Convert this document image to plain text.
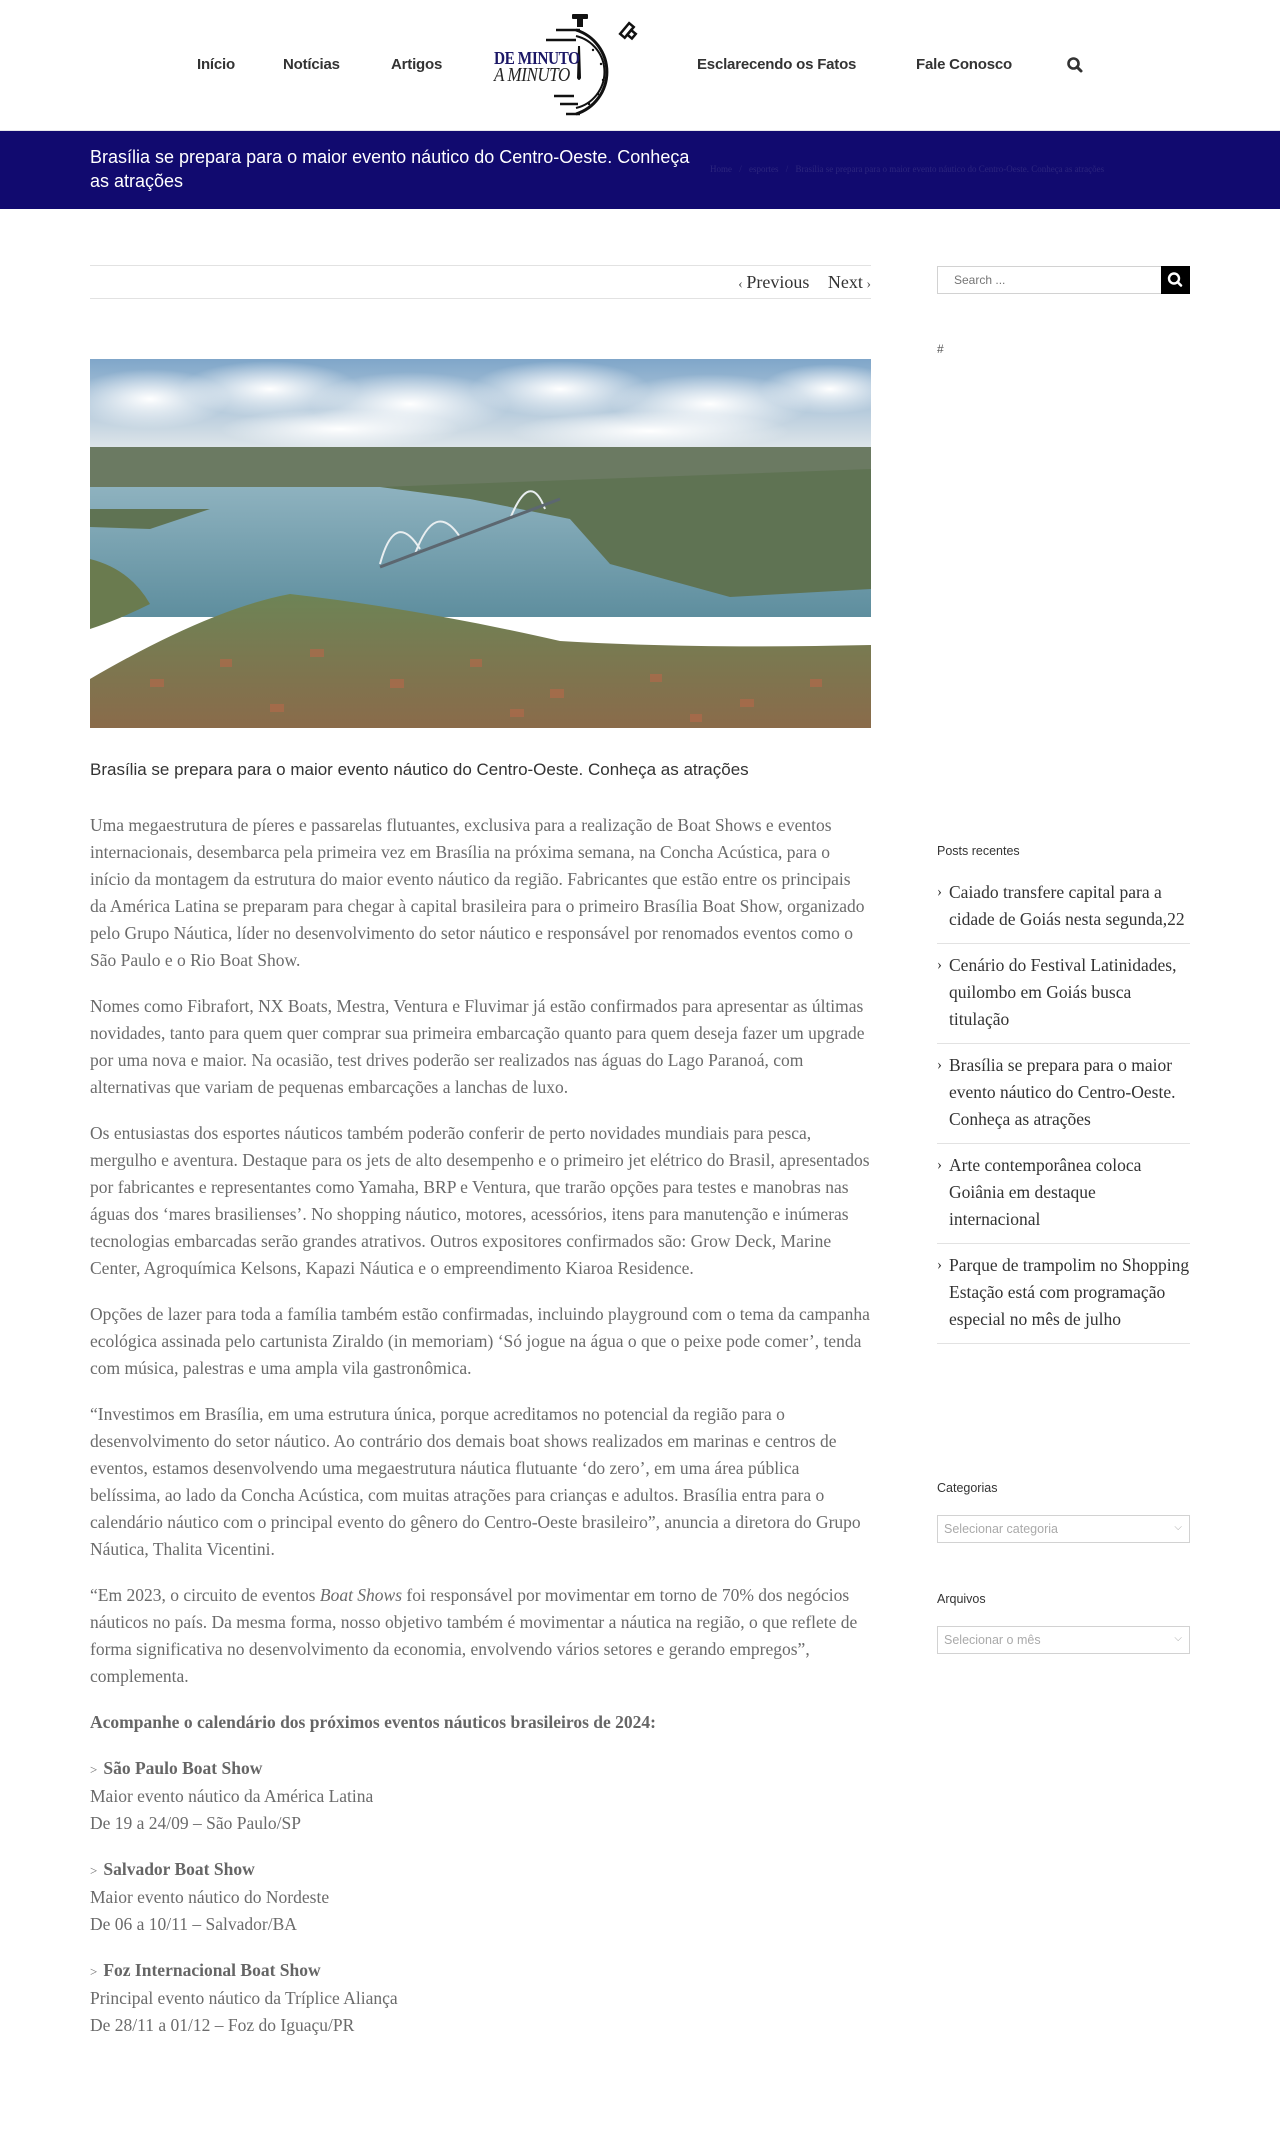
Início	Notícias	Artigos	DE MINUTO
A MINUTO	Esclarecendo os Fatos	Fale Conosco
Brasília se prepara para o maior evento náutico do Centro-Oeste. Conheça as atrações
Home / esportes / Brasília se prepara para o maior evento náutico do Centro-Oeste. Conheça as atrações
‹ Previous Next ›
Brasília se prepara para o maior evento náutico do Centro-Oeste. Conheça as atrações

Uma megaestrutura de píeres e passarelas flutuantes, exclusiva para a realização de Boat Shows e eventos internacionais, desembarca pela primeira vez em Brasília na próxima semana, na Concha Acústica, para o início da montagem da estrutura do maior evento náutico da região. Fabricantes que estão entre os principais da América Latina se preparam para chegar à capital brasileira para o primeiro Brasília Boat Show, organizado pelo Grupo Náutica, líder no desenvolvimento do setor náutico e responsável por renomados eventos como o São Paulo e o Rio Boat Show.

Nomes como Fibrafort, NX Boats, Mestra, Ventura e Fluvimar já estão confirmados para apresentar as últimas novidades, tanto para quem quer comprar sua primeira embarcação quanto para quem deseja fazer um upgrade por uma nova e maior. Na ocasião, test drives poderão ser realizados nas águas do Lago Paranoá, com alternativas que variam de pequenas embarcações a lanchas de luxo.

Os entusiastas dos esportes náuticos também poderão conferir de perto novidades mundiais para pesca, mergulho e aventura. Destaque para os jets de alto desempenho e o primeiro jet elétrico do Brasil, apresentados por fabricantes e representantes como Yamaha, BRP e Ventura, que trarão opções para testes e manobras nas águas dos ‘mares brasilienses’. No shopping náutico, motores, acessórios, itens para manutenção e inúmeras tecnologias embarcadas serão grandes atrativos. Outros expositores confirmados são: Grow Deck, Marine Center, Agroquímica Kelsons, Kapazi Náutica e o empreendimento Kiaroa Residence.

Opções de lazer para toda a família também estão confirmadas, incluindo playground com o tema da campanha ecológica assinada pelo cartunista Ziraldo (in memoriam) ‘Só jogue na água o que o peixe pode comer’, tenda com música, palestras e uma ampla vila gastronômica.

“Investimos em Brasília, em uma estrutura única, porque acreditamos no potencial da região para o desenvolvimento do setor náutico. Ao contrário dos demais boat shows realizados em marinas e centros de eventos, estamos desenvolvendo uma megaestrutura náutica flutuante ‘do zero’, em uma área pública belíssima, ao lado da Concha Acústica, com muitas atrações para crianças e adultos. Brasília entra para o calendário náutico com o principal evento do gênero do Centro-Oeste brasileiro”, anuncia a diretora do Grupo Náutica, Thalita Vicentini.

“Em 2023, o circuito de eventos Boat Shows foi responsável por movimentar em torno de 70% dos negócios náuticos no país. Da mesma forma, nosso objetivo também é movimentar a náutica na região, o que reflete de forma significativa no desenvolvimento da economia, envolvendo vários setores e gerando empregos”, complementa.

Acompanhe o calendário dos próximos eventos náuticos brasileiros de 2024:

> São Paulo Boat Show
Maior evento náutico da América Latina
De 19 a 24/09 – São Paulo/SP
> Salvador Boat Show
Maior evento náutico do Nordeste
De 06 a 10/11 – Salvador/BA
> Foz Internacional Boat Show
Principal evento náutico da Tríplice Aliança
De 28/11 a 01/12 – Foz do Iguaçu/PR
Search ...
#
Posts recentes
› Caiado transfere capital para a cidade de Goiás nesta segunda,22
› Cenário do Festival Latinidades, quilombo em Goiás busca titulação
› Brasília se prepara para o maior evento náutico do Centro-Oeste. Conheça as atrações
› Arte contemporânea coloca Goiânia em destaque internacional
› Parque de trampolim no Shopping Estação está com programação especial no mês de julho
Categorias
Selecionar categoria	⌵
Arquivos
Selecionar o mês	⌵
